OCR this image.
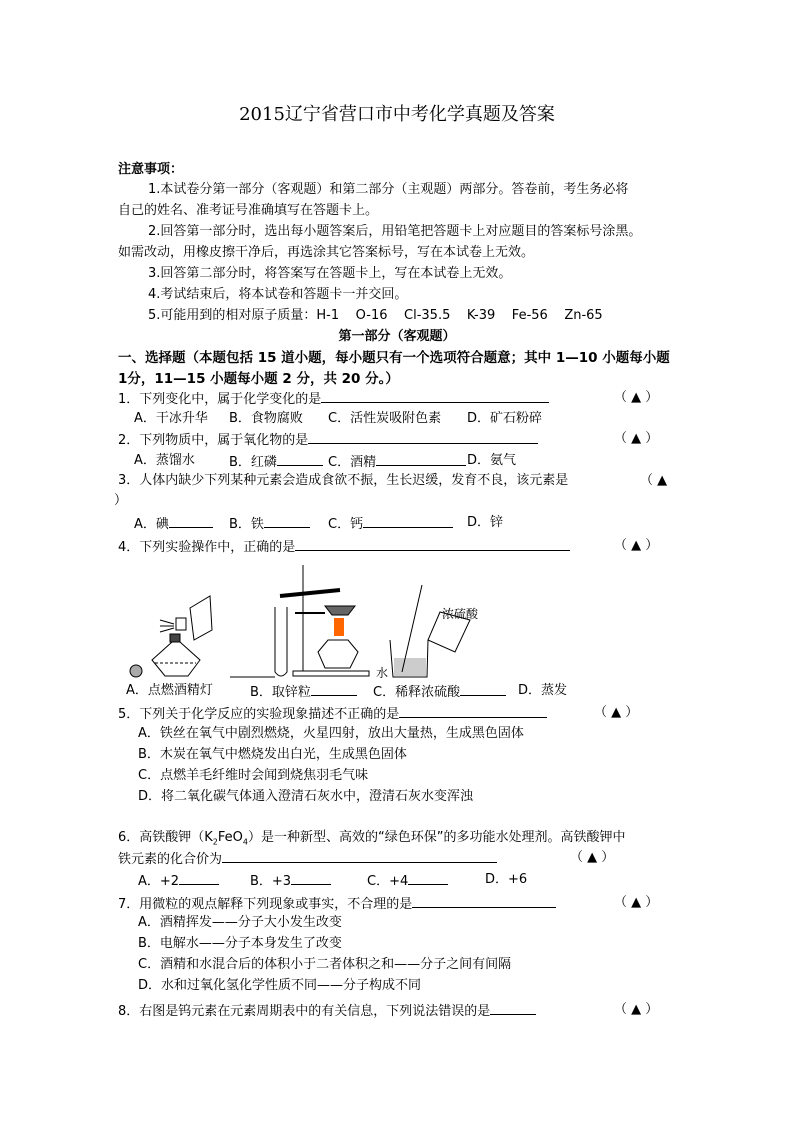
2015辽宁省营口市中考化学真题及答案
注意事项：
1.本试卷分第一部分（客观题）和第二部分（主观题）两部分。答卷前，考生务必将
自己的姓名、准考证号准确填写在答题卡上。
2.回答第一部分时，选出每小题答案后，用铅笔把答题卡上对应题目的答案标号涂黑。
如需改动，用橡皮擦干净后，再选涂其它答案标号，写在本试卷上无效。
3.回答第二部分时，将答案写在答题卡上，写在本试卷上无效。
4.考试结束后，将本试卷和答题卡一并交回。
5.可能用到的相对原子质量：H-1    O-16    Cl-35.5    K-39    Fe-56    Zn-65
第一部分（客观题）
一、选择题（本题包括 15 道小题，每小题只有一个选项符合题意；其中 1—10 小题每小题
1分，11—15 小题每小题 2 分，共 20 分。）
1．下列变化中，属于化学变化的是	（ ▲ ）
A．干冰升华 B．食物腐败 C．活性炭吸附色素 D．矿石粉碎
2．下列物质中，属于氧化物的是	（ ▲ ）
A．蒸馏水	B．红磷	C．酒精	D．氨气
3．人体内缺少下列某种元素会造成食欲不振，生长迟缓，发育不良，该元素是	（ ▲
）
A．碘	B．铁	C．钙	D．锌
4．下列实验操作中，正确的是	（ ▲ ）
浓硫酸
水
A．点燃酒精灯	B．取锌粒	C．稀释浓硫酸	D．蒸发
5．下列关于化学反应的实验现象描述不正确的是	（ ▲ ）
A．铁丝在氧气中剧烈燃烧，火星四射，放出大量热，生成黑色固体
B．木炭在氧气中燃烧发出白光，生成黑色固体
C．点燃羊毛纤维时会闻到烧焦羽毛气味
D．将二氧化碳气体通入澄清石灰水中，澄清石灰水变浑浊
6．高铁酸钾$(K_2FeO_4)$是一种新型、高效的“绿色环保”的多功能水处理剂。高铁酸钾中
铁元素的化合价为	（ ▲ ）
A．+2	B．+3	C．+4	D．+6
7．用微粒的观点解释下列现象或事实，不合理的是	（ ▲ ）
A．酒精挥发——分子大小发生改变
B．电解水——分子本身发生了改变
C．酒精和水混合后的体积小于二者体积之和——分子之间有间隔
D．水和过氧化氢化学性质不同——分子构成不同
8．右图是钨元素在元素周期表中的有关信息，下列说法错误的是	（ ▲ ）
